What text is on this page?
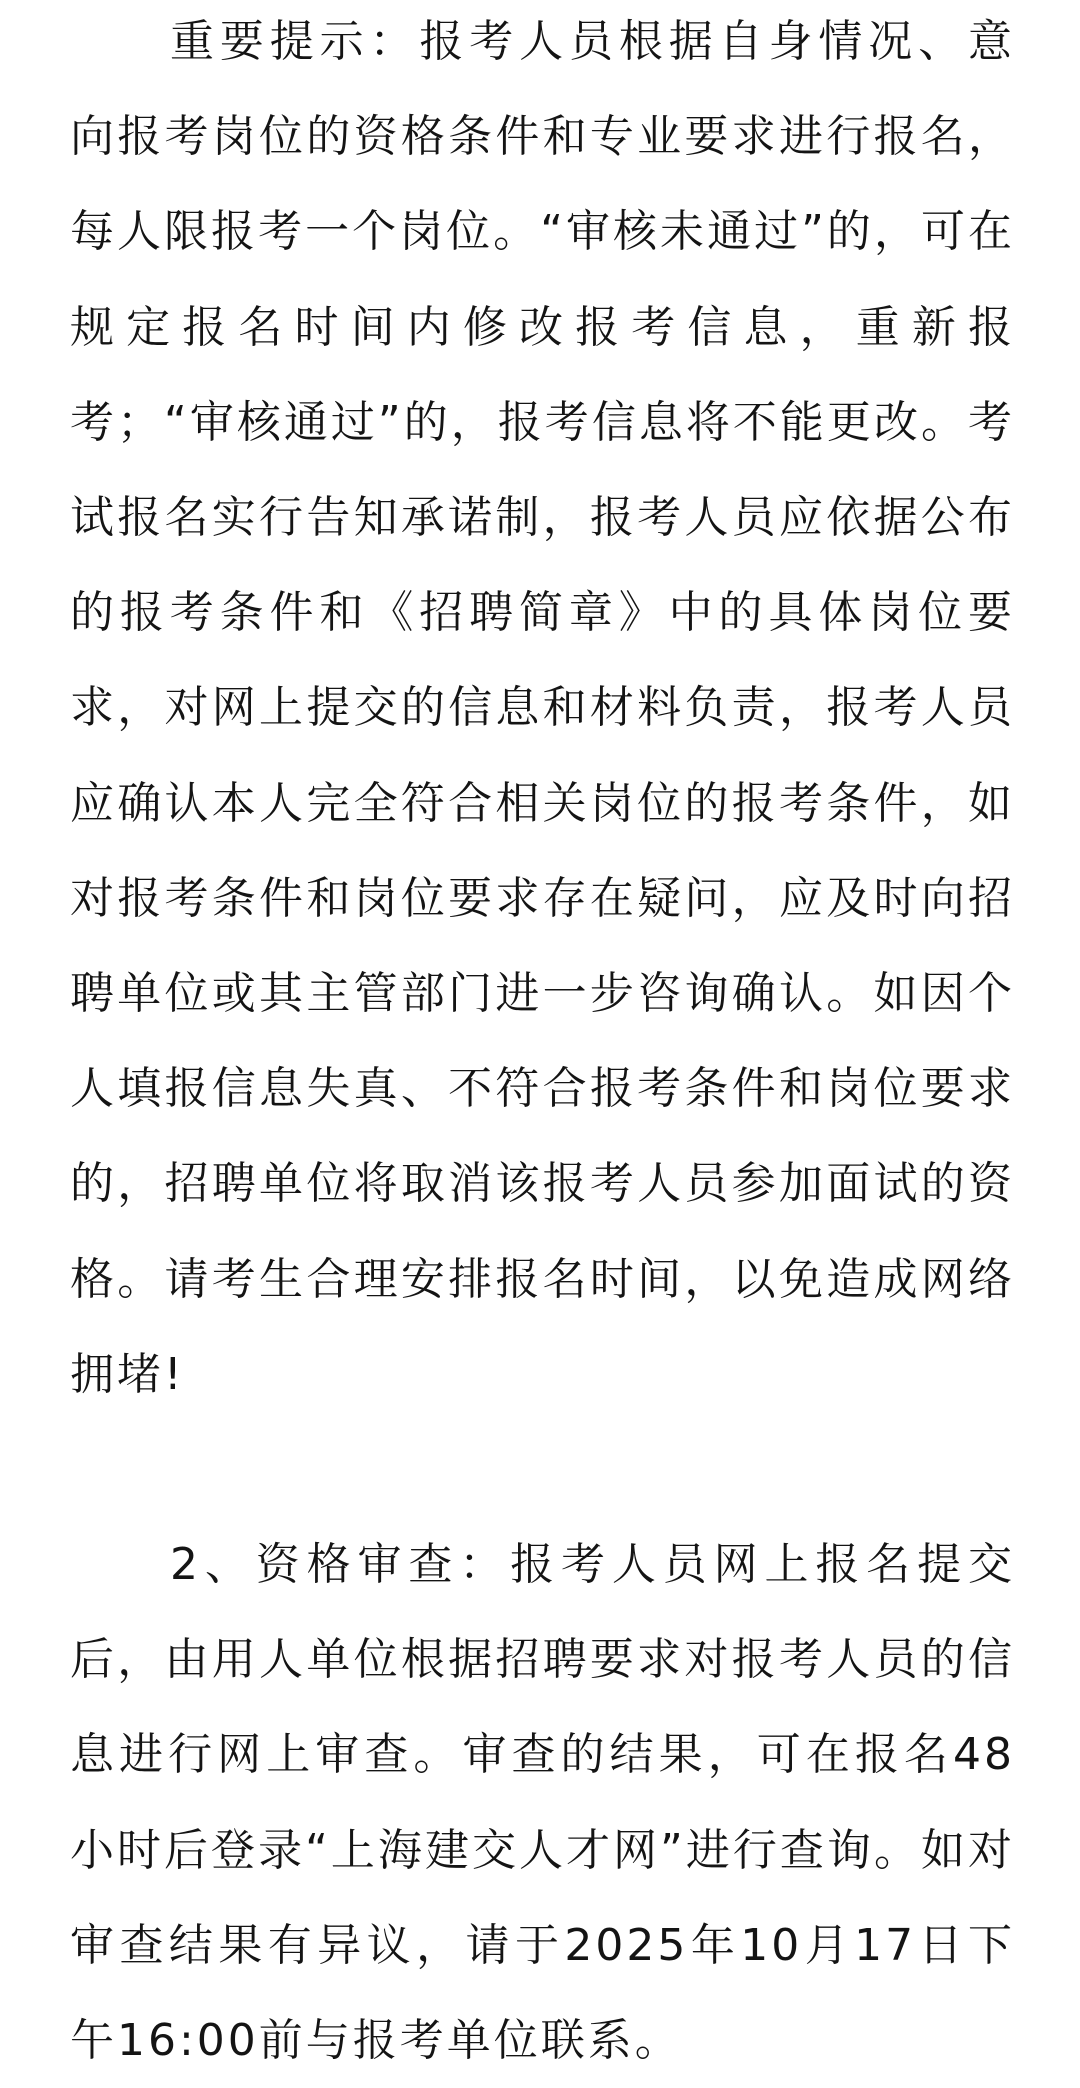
重要提示：报考人员根据自身情况、意向报考岗位的资格条件和专业要求进行报名，每人限报考一个岗位。“审核未通过”的，可在规定报名时间内修改报考信息，重新报考；“审核通过”的，报考信息将不能更改。考试报名实行告知承诺制，报考人员应依据公布的报考条件和《招聘简章》中的具体岗位要求，对网上提交的信息和材料负责，报考人员应确认本人完全符合相关岗位的报考条件，如对报考条件和岗位要求存在疑问，应及时向招聘单位或其主管部门进一步咨询确认。如因个人填报信息失真、不符合报考条件和岗位要求的，招聘单位将取消该报考人员参加面试的资格。请考生合理安排报名时间，以免造成网络拥堵!

2、资格审查：报考人员网上报名提交后，由用人单位根据招聘要求对报考人员的信息进行网上审查。审查的结果，可在报名48小时后登录“上海建交人才网”进行查询。如对审查结果有异议，请于2025年10月17日下午16:00前与报考单位联系。
